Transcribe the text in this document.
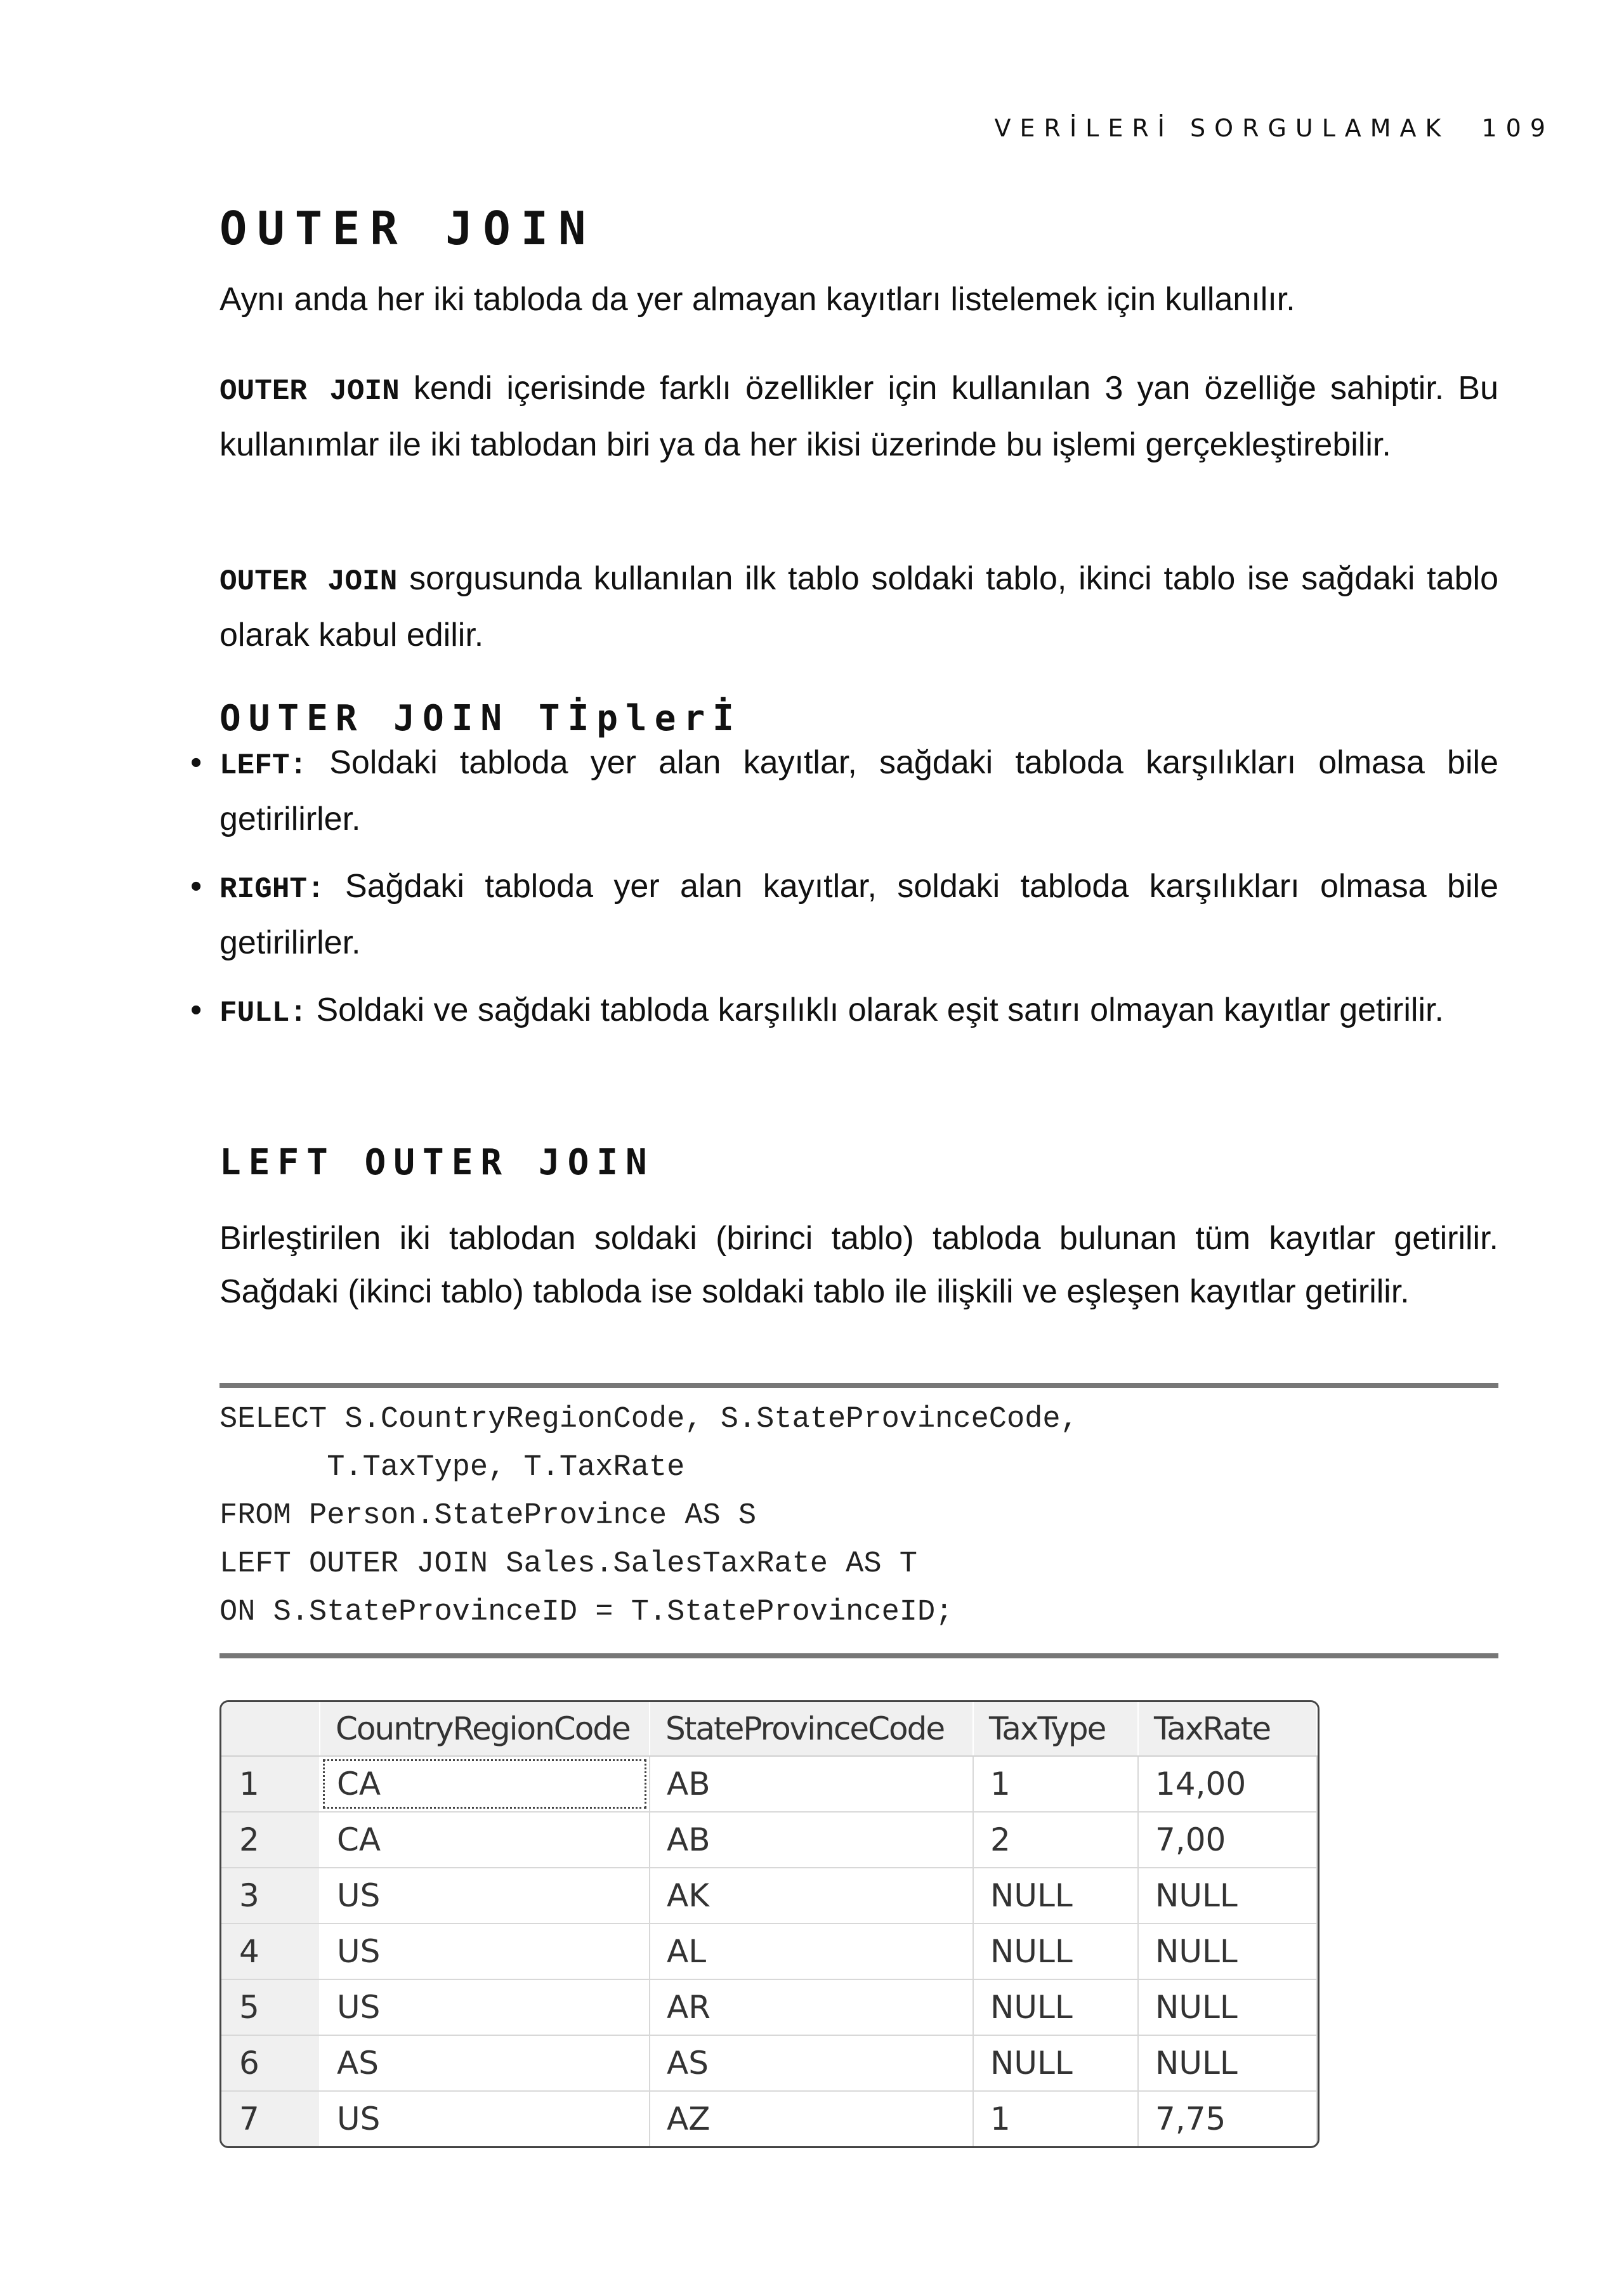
VERİLERİ SORGULAMAK 109
OUTER JOIN

Aynı anda her iki tabloda da yer almayan kayıtları listelemek için kullanılır.

OUTER JOIN kendi içerisinde farklı özellikler için kullanılan 3 yan özelliğe sahiptir. Bu kullanımlar ile iki tablodan biri ya da her ikisi üzerinde bu işlemi gerçekleştirebilir.

OUTER JOIN sorgusunda kullanılan ilk tablo soldaki tablo, ikinci tablo ise sağdaki tablo olarak kabul edilir.

OUTER JOIN Tİplerİ
• LEFT: Soldaki tabloda yer alan kayıtlar, sağdaki tabloda karşılıkları olmasa bile getirilirler.
• RIGHT: Sağdaki tabloda yer alan kayıtlar, soldaki tabloda karşılıkları olmasa bile getirilirler.
• FULL: Soldaki ve sağdaki tabloda karşılıklı olarak eşit satırı olmayan kayıtlar getirilir.
LEFT OUTER JOIN

Birleştirilen iki tablodan soldaki (birinci tablo) tabloda bulunan tüm kayıtlar getirilir. Sağdaki (ikinci tablo) tabloda ise soldaki tablo ile ilişkili ve eşleşen kayıtlar getirilir.

SELECT S.CountryRegionCode, S.StateProvinceCode,
T.TaxType, T.TaxRate
FROM Person.StateProvince AS S
LEFT OUTER JOIN Sales.SalesTaxRate AS T
ON S.StateProvinceID = T.StateProvinceID;
	CountryRegionCode	StateProvinceCode	TaxType	TaxRate
1	CA	AB	1	14,00
2	CA	AB	2	7,00
3	US	AK	NULL	NULL
4	US	AL	NULL	NULL
5	US	AR	NULL	NULL
6	AS	AS	NULL	NULL
7	US	AZ	1	7,75
